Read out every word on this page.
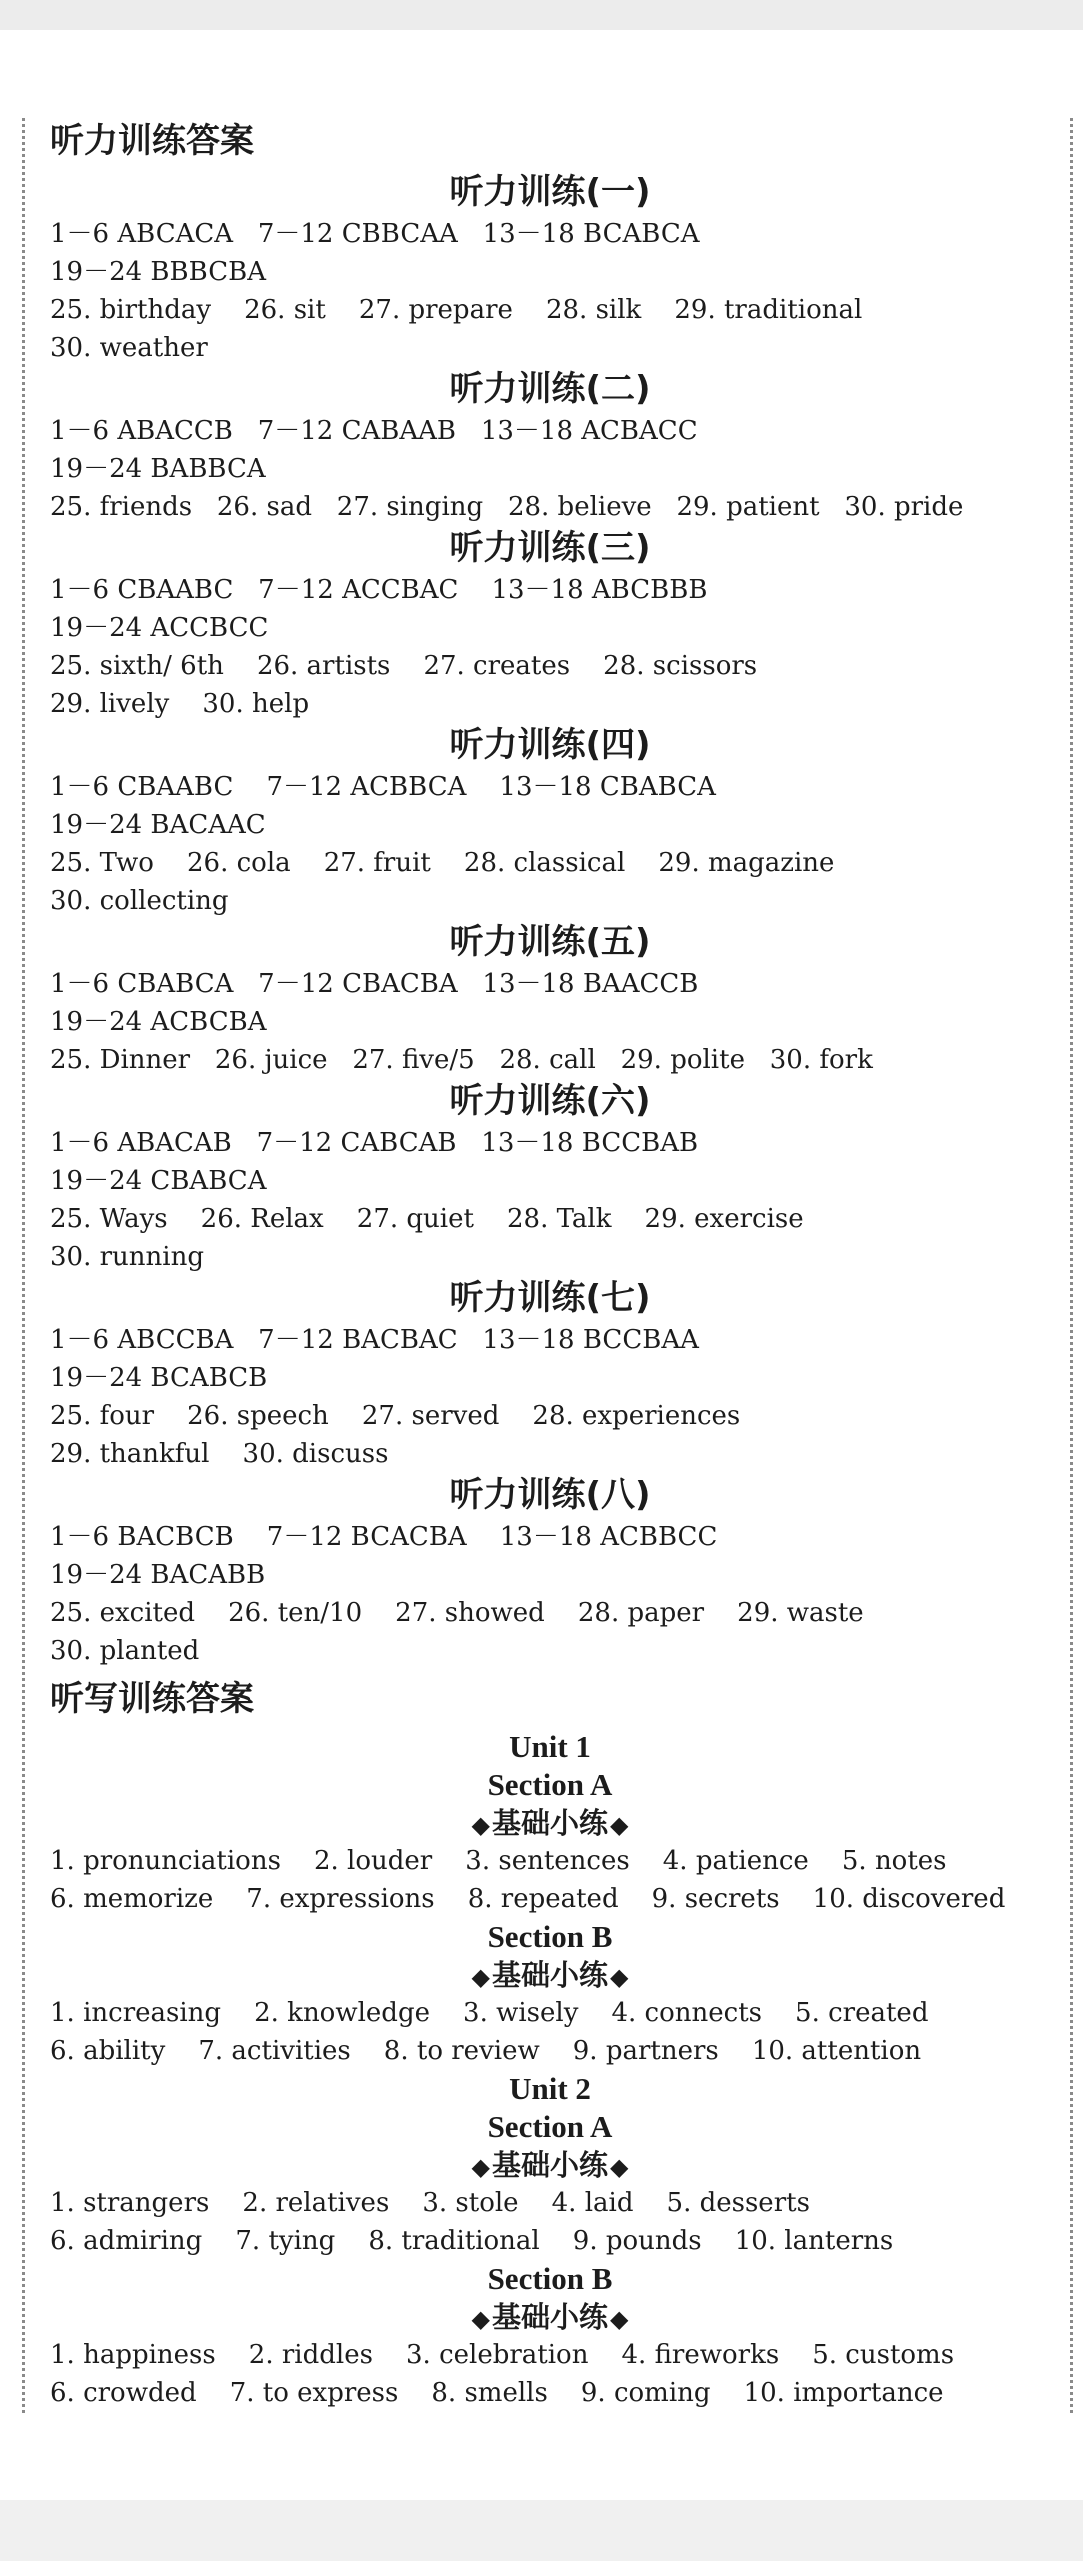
听力训练答案
听力训练(一)
1－6 ABCACA   7－12 CBBCAA   13－18 BCABCA
19－24 BBBCBA
25. birthday    26. sit    27. prepare    28. silk    29. traditional
30. weather
听力训练(二)
1－6 ABACCB   7－12 CABAAB   13－18 ACBACC
19－24 BABBCA
25. friends   26. sad   27. singing   28. believe   29. patient   30. pride
听力训练(三)
1－6 CBAABC   7－12 ACCBAC    13－18 ABCBBB
19－24 ACCBCC
25. sixth/ 6th    26. artists    27. creates    28. scissors
29. lively    30. help
听力训练(四)
1－6 CBAABC    7－12 ACBBCA    13－18 CBABCA
19－24 BACAAC
25. Two    26. cola    27. fruit    28. classical    29. magazine
30. collecting
听力训练(五)
1－6 CBABCA   7－12 CBACBA   13－18 BAACCB
19－24 ACBCBA
25. Dinner   26. juice   27. five/5   28. call   29. polite   30. fork
听力训练(六)
1－6 ABACAB   7－12 CABCAB   13－18 BCCBAB
19－24 CBABCA
25. Ways    26. Relax    27. quiet    28. Talk    29. exercise
30. running
听力训练(七)
1－6 ABCCBA   7－12 BACBAC   13－18 BCCBAA
19－24 BCABCB
25. four    26. speech    27. served    28. experiences
29. thankful    30. discuss
听力训练(八)
1－6 BACBCB    7－12 BCACBA    13－18 ACBBCC
19－24 BACABB
25. excited    26. ten/10    27. showed    28. paper    29. waste
30. planted
听写训练答案
Unit 1
Section A
◆基础小练◆
1. pronunciations    2. louder    3. sentences    4. patience    5. notes
6. memorize    7. expressions    8. repeated    9. secrets    10. discovered
Section B
◆基础小练◆
1. increasing    2. knowledge    3. wisely    4. connects    5. created
6. ability    7. activities    8. to review    9. partners    10. attention
Unit 2
Section A
◆基础小练◆
1. strangers    2. relatives    3. stole    4. laid    5. desserts
6. admiring    7. tying    8. traditional    9. pounds    10. lanterns
Section B
◆基础小练◆
1. happiness    2. riddles    3. celebration    4. fireworks    5. customs
6. crowded    7. to express    8. smells    9. coming    10. importance
